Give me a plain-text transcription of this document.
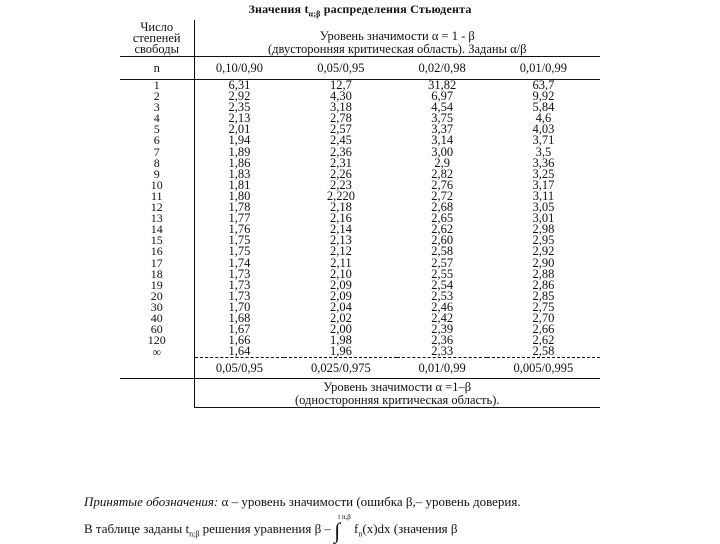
Значения $t_{\alpha;\beta}$ распределения Стьюдента
Число степеней свободы	Уровень значимости α = 1 - β
(двусторонняя критическая область). Заданы α/β			

n	0,10/0,90	0,05/0,95	0,02/0,98	0,01/0,99
1	6,31	12,7	31,82	63,7
2	2,92	4,30	6,97	9,92
3	2,35	3,18	4,54	5,84
4	2,13	2,78	3,75	4,6
5	2,01	2,57	3,37	4,03
6	1,94	2,45	3,14	3,71
7	1,89	2,36	3,00	3,5
8	1,86	2,31	2,9	3,36
9	1,83	2,26	2,82	3,25
10	1,81	2,23	2,76	3,17
11	1,80	2,220	2,72	3,11
12	1,78	2,18	2,68	3,05
13	1,77	2,16	2,65	3,01
14	1,76	2,14	2,62	2,98
15	1,75	2,13	2,60	2,95
16	1,75	2,12	2,58	2,92
17	1,74	2,11	2,57	2,90
18	1,73	2,10	2,55	2,88
19	1,73	2,09	2,54	2,86
20	1,73	2,09	2,53	2,85
30	1,70	2,04	2,46	2,75
40	1,68	2,02	2,42	2,70
60	1,67	2,00	2,39	2,66
120	1,66	1,98	2,36	2,62
∞	1,64	1,96	2,33	2,58
	0,05/0,95	0,025/0,975	0,01/0,99	0,005/0,995

	Уровень значимости α =1–β
(односторонняя критическая область).			
Принятые обозначения: α – уровень значимости (ошибка β,– уровень доверия.
В таблице заданы $t_{n;\beta}$ решения уравнения β – ∫$^{t n,\beta}$ $f_n(x)dx$ (значения β
